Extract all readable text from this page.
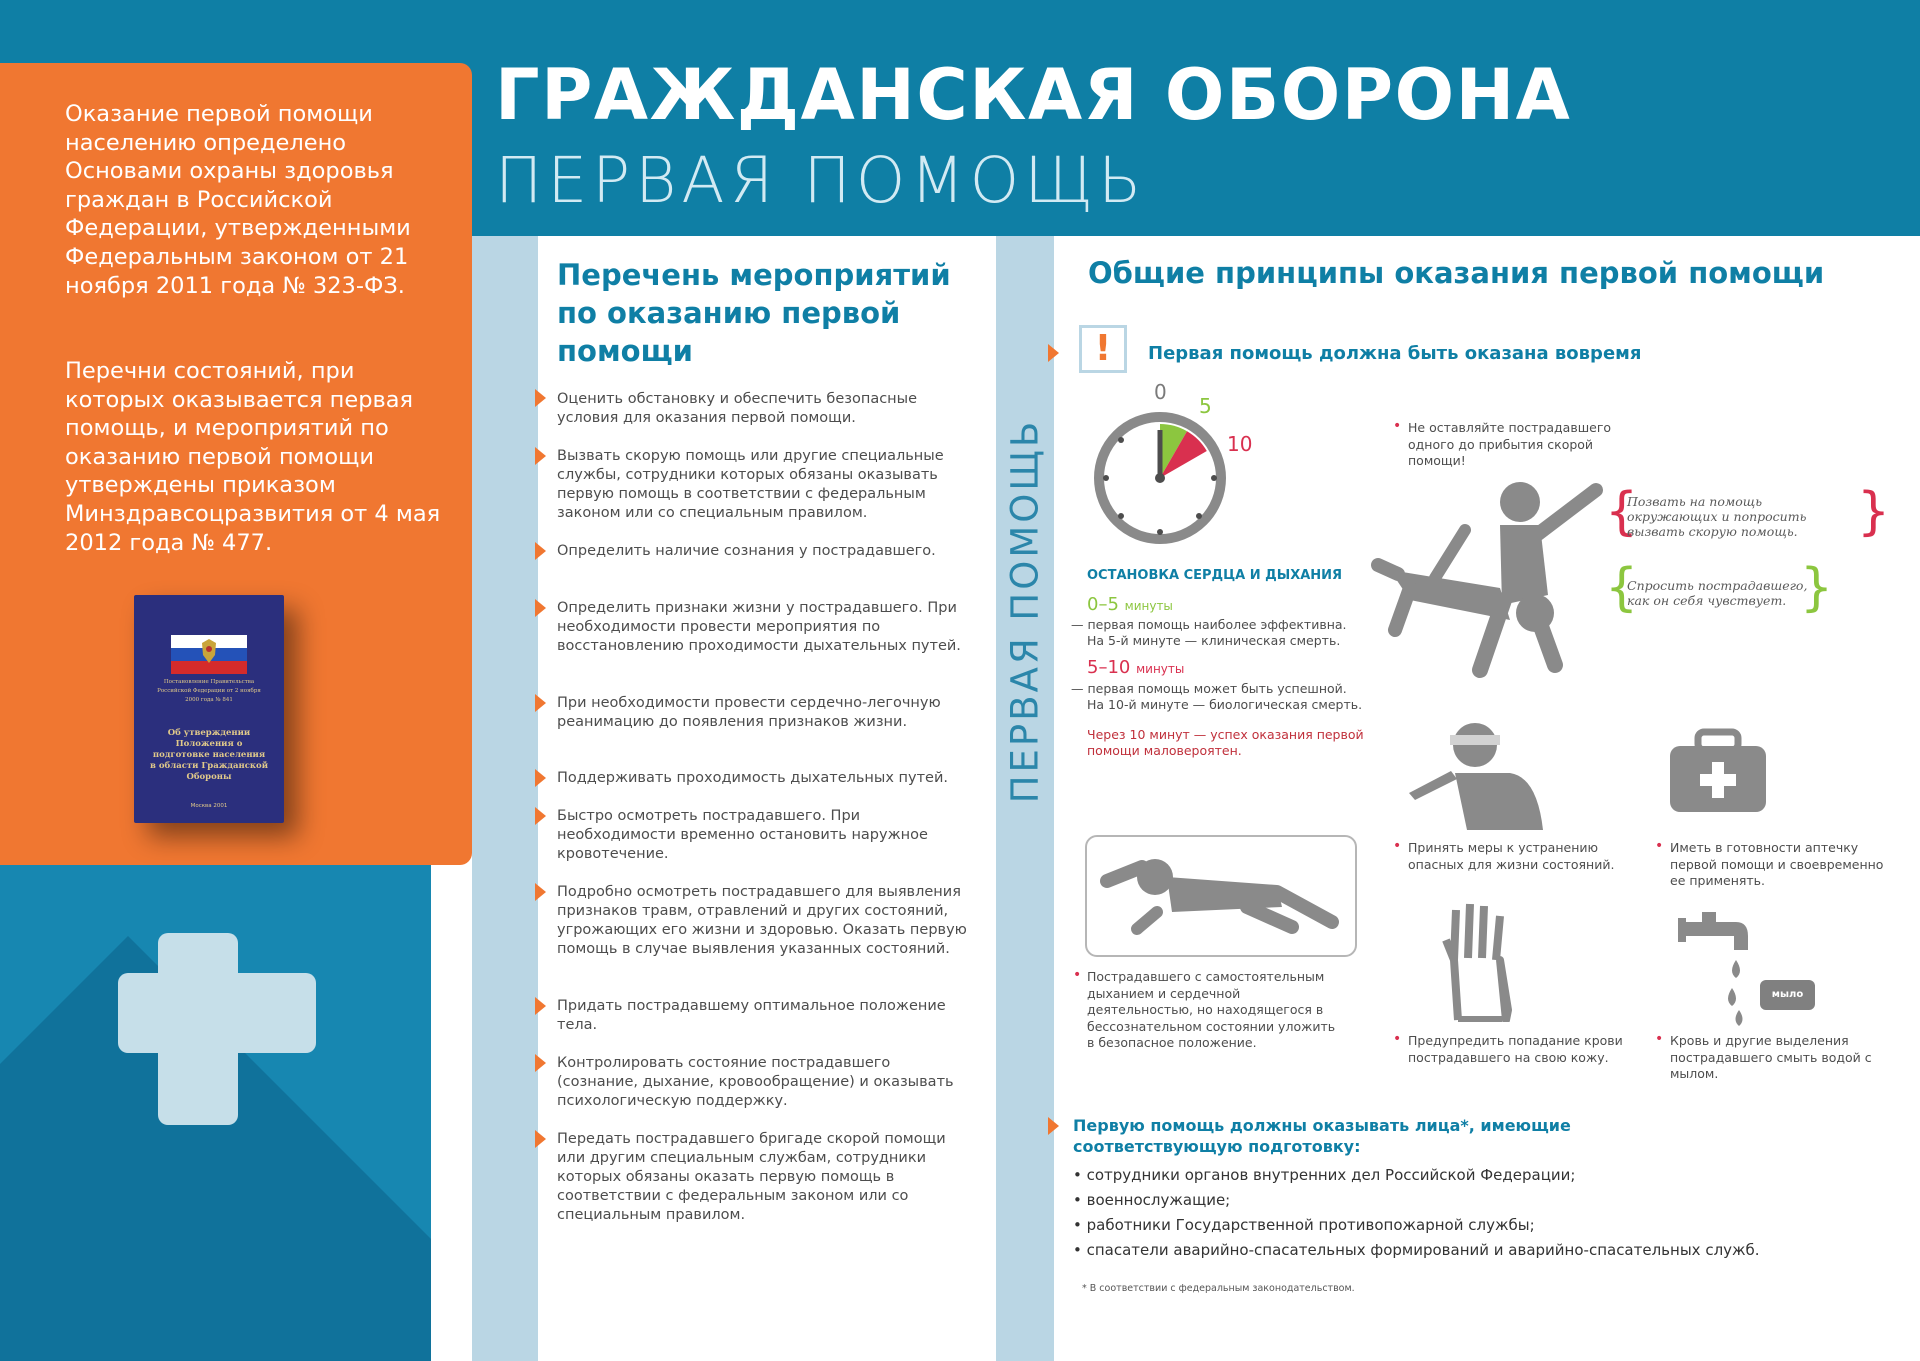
Оказание первой помощи населению определено Основами охраны здоровья граждан в Российской Федерации, утвержденными Федеральным законом от 21 ноября 2011 года № 323-ФЗ.
Перечни состояний, при которых оказывается первая помощь, и мероприятий по оказанию первой помощи утверждены приказом Минздравсоцразвития от 4 мая 2012 года № 477.
Постановление Правительства Российской Федерации от 2 ноября 2000 года № 841
Об утверждении Положения о подготовке населения в области Гражданской Обороны
Москва 2001
ГРАЖДАНСКАЯ ОБОРОНА
ПЕРВАЯ ПОМОЩЬ
ПЕРВАЯ ПОМОЩЬ
Перечень мероприятий по оказанию первой помощи
Оценить обстановку и обеспечить безопасные условия для оказания первой помощи.
Вызвать скорую помощь или другие специальные службы, сотрудники которых обязаны оказывать первую помощь в соответствии с федеральным законом или со специальным правилом.
Определить наличие сознания у пострадавшего.
Определить признаки жизни у пострадавшего. При необходимости провести мероприятия по восстановлению проходимости дыхательных путей.
При необходимости провести сердечно-легочную реанимацию до появления признаков жизни.
Поддерживать проходимость дыхательных путей.
Быстро осмотреть пострадавшего. При необходимости временно остановить наружное кровотечение.
Подробно осмотреть пострадавшего для выявления признаков травм, отравлений и других состояний, угрожающих его жизни и здоровью. Оказать первую помощь в случае выявления указанных состояний.
Придать пострадавшему оптимальное положение тела.
Контролировать состояние пострадавшего (сознание, дыхание, кровообращение) и оказывать психологическую поддержку.
Передать пострадавшего бригаде скорой помощи или другим специальным службам, сотрудники которых обязаны оказать первую помощь в соответствии с федеральным законом или со специальным правилом.
Общие принципы оказания первой помощи
!	Первая помощь должна быть оказана вовремя
0
5
10
ОСТАНОВКА СЕРДЦА И ДЫХАНИЯ
0–5 минуты
— первая помощь наиболее эффективна.
На 5-й минуте — клиническая смерть.
5–10 минуты
— первая помощь может быть успешной.
На 10-й минуте — биологическая смерть.
Через 10 минут — успех оказания первой помощи маловероятен.
• Не оставляйте пострадавшего одного до прибытия скорой помощи!
{
Позвать на помощь окружающих и попросить вызвать скорую помощь.	}
{
Спросить пострадавшего, как он себя чувствует. }
• Принять меры к устранению опасных для жизни состояний.
• Иметь в готовности аптечку первой помощи и своевременно ее применять.
• Пострадавшего с самостоятельным дыханием и сердечной деятельностью, но находящегося в бессознательном состоянии уложить в безопасное положение.
мыло
• Предупредить попадание крови пострадавшего на свою кожу.
• Кровь и другие выделения пострадавшего смыть водой с мылом.
Первую помощь должны оказывать лица*, имеющие соответствующую подготовку:
• сотрудники органов внутренних дел Российской Федерации;
• военнослужащие;
• работники Государственной противопожарной службы;
• спасатели аварийно-спасательных формирований и аварийно-спасательных служб.
* В соответствии с федеральным законодательством.
